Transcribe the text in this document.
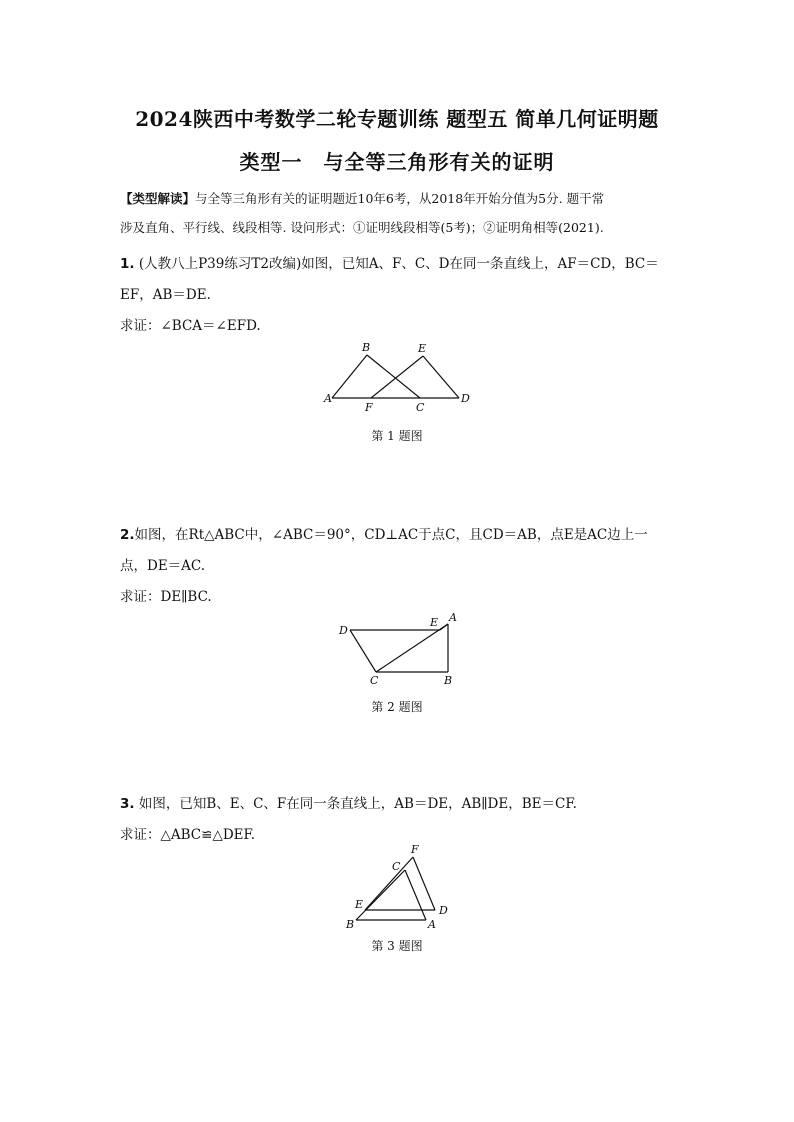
2024陕西中考数学二轮专题训练 题型五 简单几何证明题
类型一　与全等三角形有关的证明
【类型解读】与全等三角形有关的证明题近10年6考，从2018年开始分值为5分. 题干常
涉及直角、平行线、线段相等. 设问形式：①证明线段相等(5考)；②证明角相等(2021).
1. (人教八上P39练习T2改编)如图，已知A、F、C、D在同一条直线上，AF＝CD，BC＝
EF，AB＝DE.
求证：∠BCA＝∠EFD.
B	E
A
F	C
D
第 1 题图
2.如图，在Rt△ABC中，∠ABC＝90°，CD⊥AC于点C，且CD＝AB，点E是AC边上一
点，DE＝AC.
求证：DE∥BC.
D
E A
C	B
第 2 题图
3. 如图，已知B、E、C、F在同一条直线上，AB＝DE，AB∥DE，BE＝CF.
求证：△ABC≌△DEF.
F
C
E
B	A
D
第 3 题图
